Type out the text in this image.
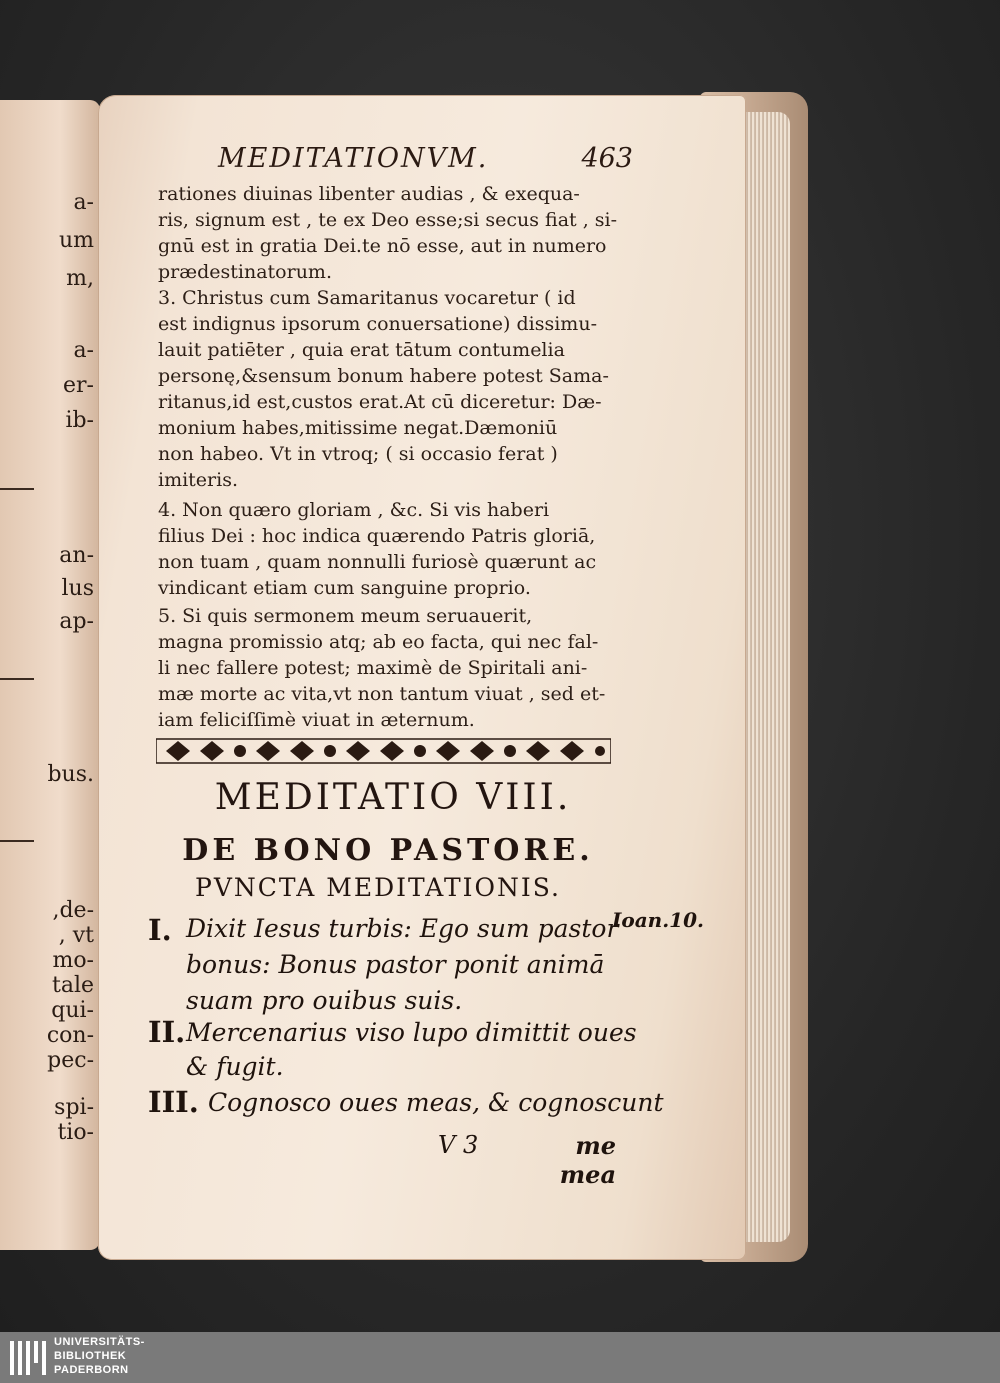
a-
um
m,
a-
er-
ib-
an-
lus
ap-
bus.
,de-
, vt
mo-
tale
qui-
con-
pec-
spi-
tio-
MEDITATIONVM.	463
rationes diuinas libenter audias , & exequa-
ris, signum est , te ex Deo esse;si secus fiat , si-
gnū est in gratia Dei.te nō esse, aut in numero
prædestinatorum.
3. Christus cum Samaritanus vocaretur ( id
est indignus ipsorum conuersatione) dissimu-
lauit patiēter , quia erat tātum contumelia
personę,&sensum bonum habere potest Sama-
ritanus,id est,custos erat.At cū diceretur: Dæ-
monium habes,mitissime negat.Dæmoniū
non habeo. Vt in vtroq; ( si occasio ferat )
imiteris.
4. Non quæro gloriam , &c. Si vis haberi
filius Dei : hoc indica quærendo Patris gloriā,
non tuam , quam nonnulli furiosè quærunt ac
vindicant etiam cum sanguine proprio.
5. Si quis sermonem meum seruauerit,
magna promissio atq; ab eo facta, qui nec fal-
li nec fallere potest; maximè de Spiritali ani-
mæ morte ac vita,vt non tantum viuat , sed et-
iam feliciſſimè viuat in æternum.
MEDITATIO VIII.
DE BONO PASTORE.
PVNCTA MEDITATIONIS.
I. Dixit Iesus turbis: Ego sum pastor
bonus: Bonus pastor ponit animā
suam pro ouibus suis.
II. Mercenarius viso lupo dimittit oues
& fugit.
III. Cognosco oues meas, & cognoscunt
V 3	me mea
Ioan.10.
UNIVERSITÄTS-
BIBLIOTHEK
PADERBORN
